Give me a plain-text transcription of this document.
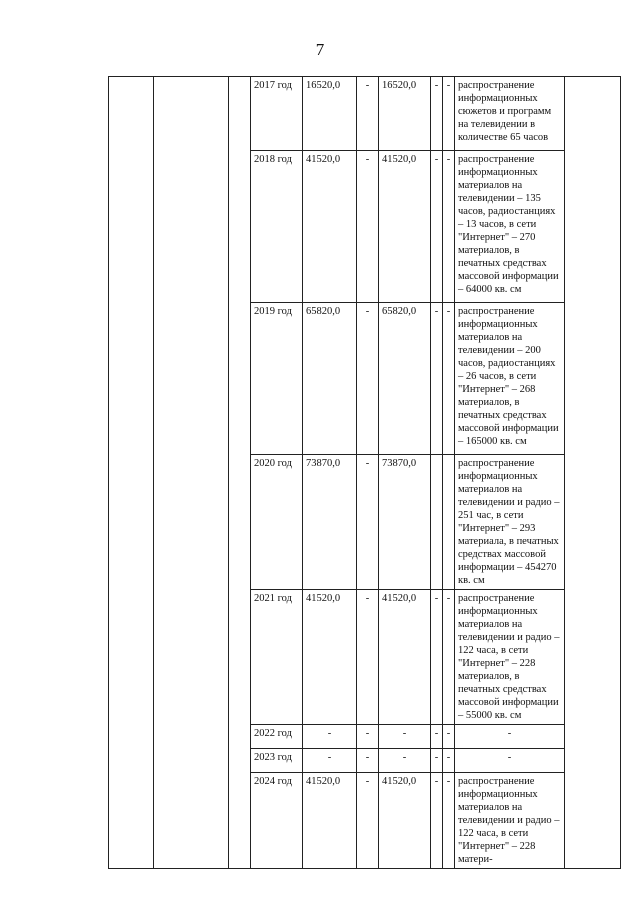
7
			2017 год	16520,0	-	16520,0	-	-	распространение информационных сюжетов и программ на телевидении в количестве 65 часов	
			2018 год	41520,0	-	41520,0	-	-	распространение информационных материалов на телевидении – 135 часов, радиостанциях – 13 часов, в сети "Интернет" – 270 материалов, в печатных средствах массовой информации – 64000 кв. см	
			2019 год	65820,0	-	65820,0	-	-	распространение информационных материалов на телевидении – 200 часов, радиостанциях – 26 часов, в сети "Интернет" – 268 материалов, в печатных средствах массовой информации – 165000 кв. см	
			2020 год	73870,0	-	73870,0			распространение информационных материалов на телевидении и радио – 251 час, в сети "Интернет" – 293 материала, в печатных средствах массовой информации – 454270 кв. см	
			2021 год	41520,0	-	41520,0	-	-	распространение информационных материалов на телевидении и радио – 122 часа, в сети "Интернет" – 228 материалов, в печатных средствах массовой информации – 55000 кв. см	
			2022 год	-	-	-	-	-	-	
			2023 год	-	-	-	-	-	-	
			2024 год	41520,0	-	41520,0	-	-	распространение информационных материалов на телевидении и радио – 122 часа, в сети "Интернет" – 228 матери-	
